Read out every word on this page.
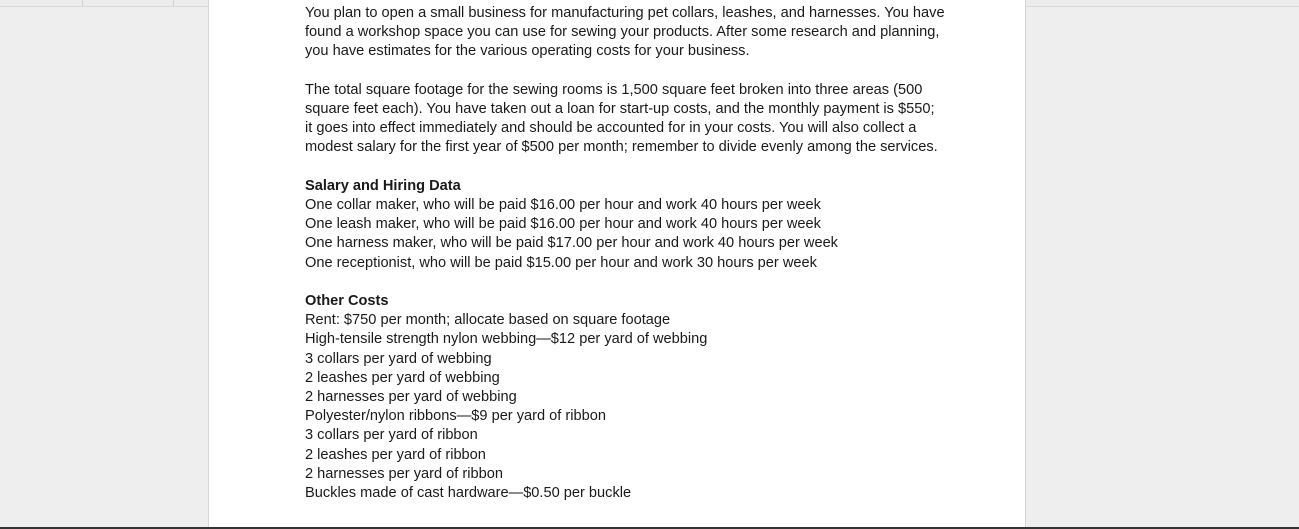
You plan to open a small business for manufacturing pet collars, leashes, and harnesses. You have found a workshop space you can use for sewing your products. After some research and planning, you have estimates for the various operating costs for your business.

The total square footage for the sewing rooms is 1,500 square feet broken into three areas (500 square feet each). You have taken out a loan for start-up costs, and the monthly payment is $550; it goes into effect immediately and should be accounted for in your costs. You will also collect a modest salary for the first year of $500 per month; remember to divide evenly among the services.

Salary and Hiring Data

One collar maker, who will be paid $16.00 per hour and work 40 hours per week

One leash maker, who will be paid $16.00 per hour and work 40 hours per week

One harness maker, who will be paid $17.00 per hour and work 40 hours per week

One receptionist, who will be paid $15.00 per hour and work 30 hours per week

Other Costs

Rent: $750 per month; allocate based on square footage

High-tensile strength nylon webbing—$12 per yard of webbing

3 collars per yard of webbing

2 leashes per yard of webbing

2 harnesses per yard of webbing

Polyester/nylon ribbons—$9 per yard of ribbon

3 collars per yard of ribbon

2 leashes per yard of ribbon

2 harnesses per yard of ribbon

Buckles made of cast hardware—$0.50 per buckle
